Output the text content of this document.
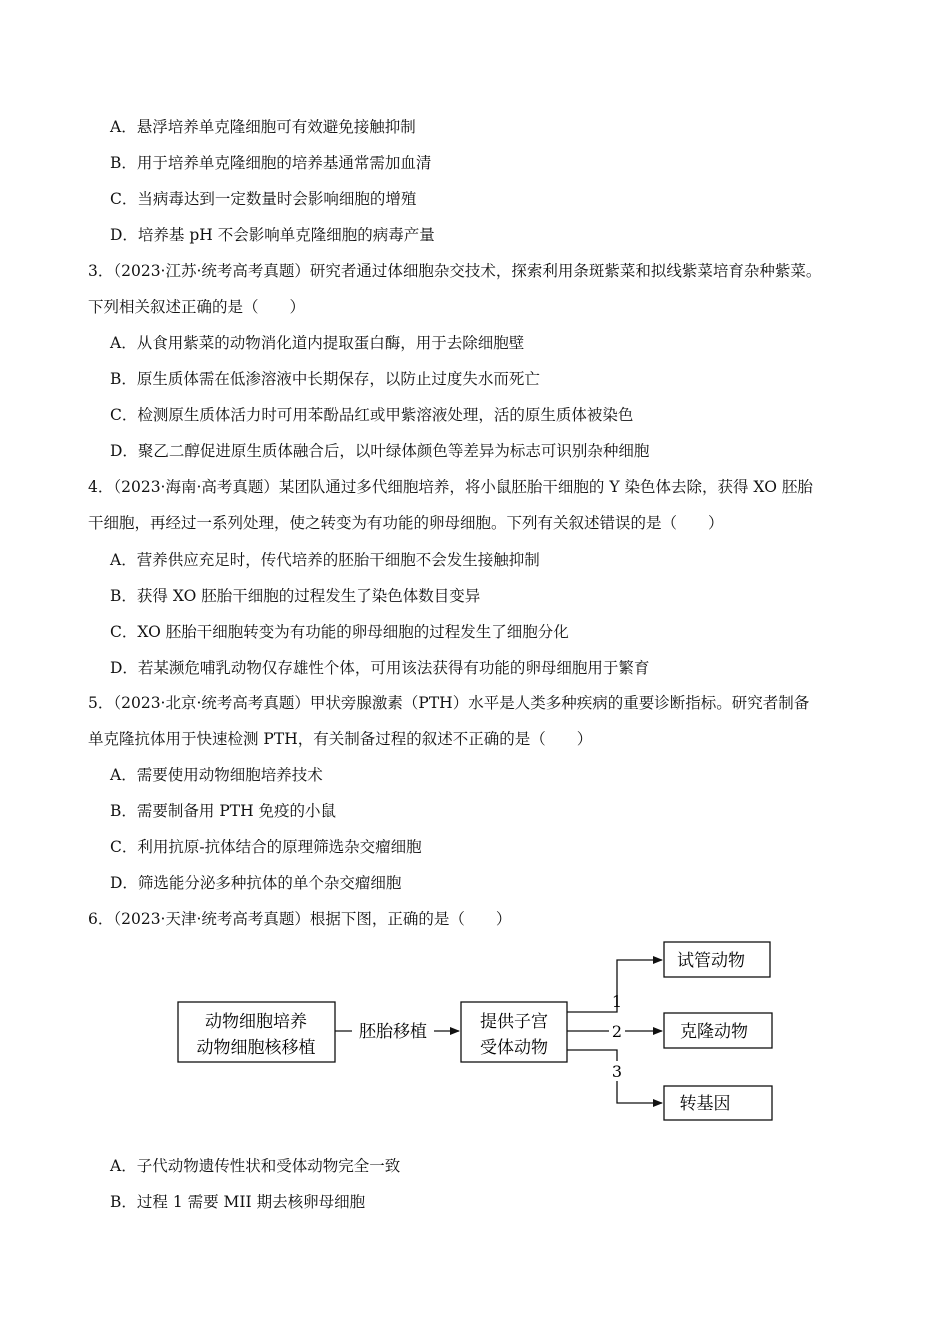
A．悬浮培养单克隆细胞可有效避免接触抑制
B．用于培养单克隆细胞的培养基通常需加血清
C．当病毒达到一定数量时会影响细胞的增殖
D．培养基 pH 不会影响单克隆细胞的病毒产量
3．（2023·江苏·统考高考真题）研究者通过体细胞杂交技术，探索利用条斑紫菜和拟线紫菜培育杂种紫菜。
下列相关叙述正确的是（　　）
A．从食用紫菜的动物消化道内提取蛋白酶，用于去除细胞壁
B．原生质体需在低渗溶液中长期保存，以防止过度失水而死亡
C．检测原生质体活力时可用苯酚品红或甲紫溶液处理，活的原生质体被染色
D．聚乙二醇促进原生质体融合后，以叶绿体颜色等差异为标志可识别杂种细胞
4．（2023·海南·高考真题）某团队通过多代细胞培养，将小鼠胚胎干细胞的 Y 染色体去除，获得 XO 胚胎
干细胞，再经过一系列处理，使之转变为有功能的卵母细胞。下列有关叙述错误的是（　　）
A．营养供应充足时，传代培养的胚胎干细胞不会发生接触抑制
B．获得 XO 胚胎干细胞的过程发生了染色体数目变异
C．XO 胚胎干细胞转变为有功能的卵母细胞的过程发生了细胞分化
D．若某濒危哺乳动物仅存雄性个体，可用该法获得有功能的卵母细胞用于繁育
5．（2023·北京·统考高考真题）甲状旁腺激素（PTH）水平是人类多种疾病的重要诊断指标。研究者制备
单克隆抗体用于快速检测 PTH，有关制备过程的叙述不正确的是（　　）
A．需要使用动物细胞培养技术
B．需要制备用 PTH 免疫的小鼠
C．利用抗原-抗体结合的原理筛选杂交瘤细胞
D．筛选能分泌多种抗体的单个杂交瘤细胞
6．（2023·天津·统考高考真题）根据下图，正确的是（　　）
动物细胞培养
动物细胞核移植
胚胎移植	提供子宫
受体动物
1
2
3
试管动物
克隆动物
转基因
A．子代动物遗传性状和受体动物完全一致
B．过程 1 需要 MII 期去核卵母细胞
